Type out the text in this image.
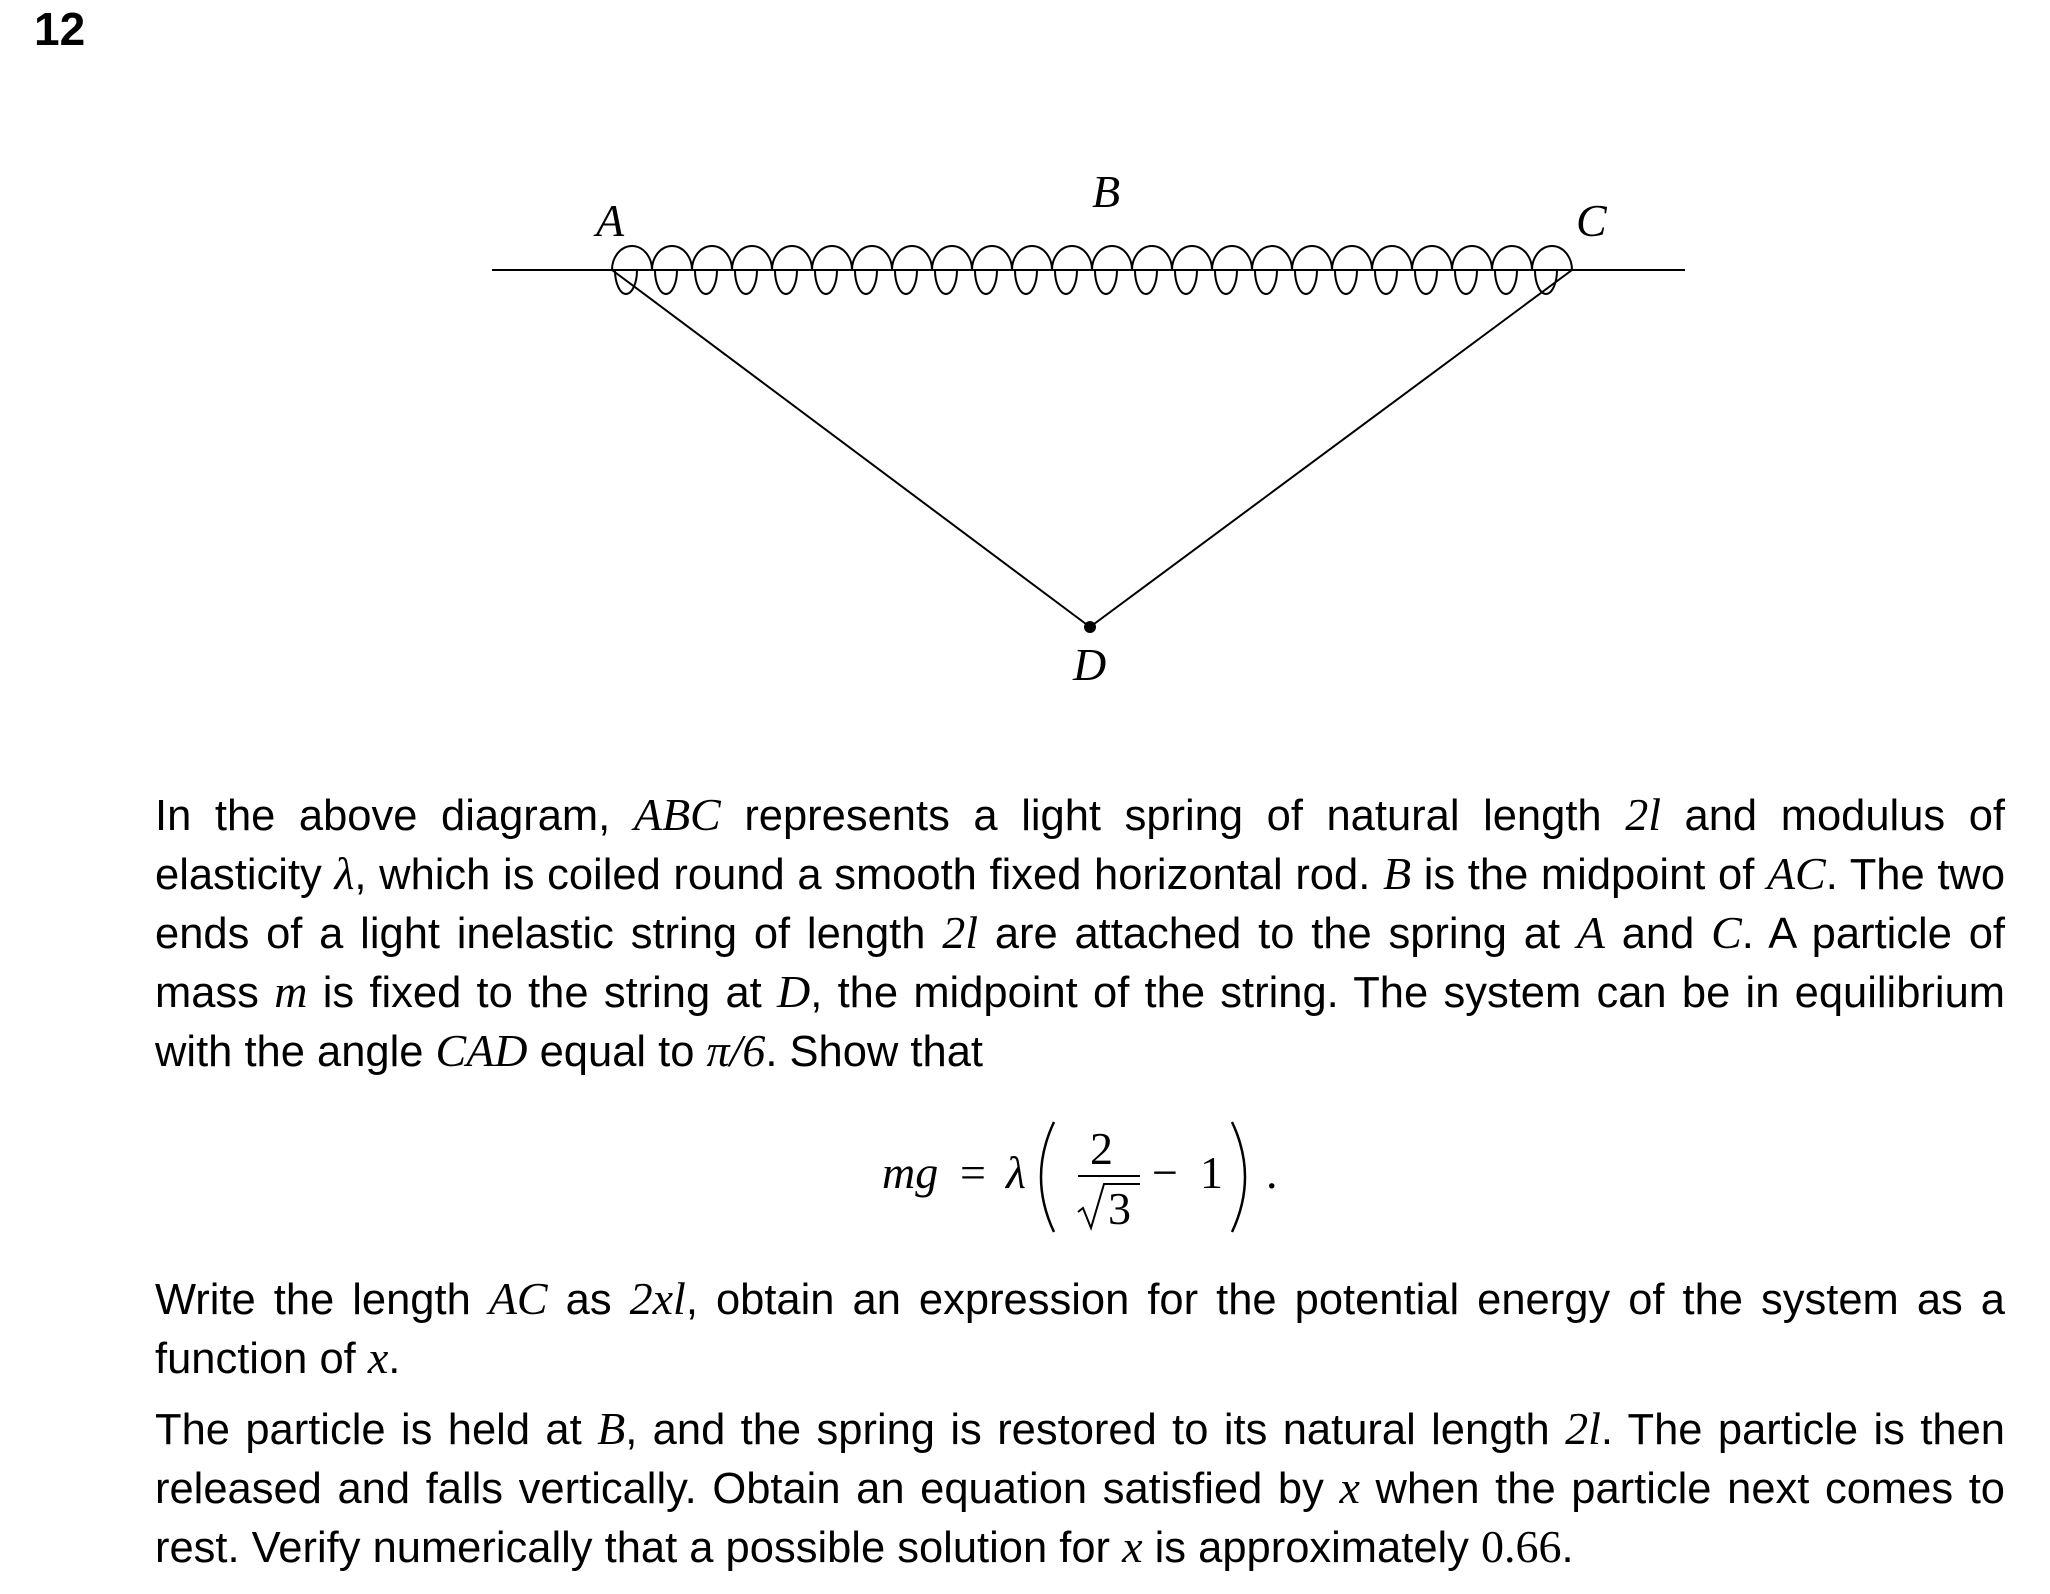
12
A
B
C
D
In the above diagram, ABC represents a light spring of natural length 2l and modulus of elasticity λ, which is coiled round a smooth fixed horizontal rod. B is the midpoint of AC. The two ends of a light inelastic string of length 2l are attached to the spring at A and C. A particle of mass m is fixed to the string at D, the midpoint of the string. The system can be in equilibrium with the angle CAD equal to π/6. Show that
mg = λ 2
3
− 1 .
Write the length AC as 2xl, obtain an expression for the potential energy of the system as a function of x.
The particle is held at B, and the spring is restored to its natural length 2l. The particle is then released and falls vertically. Obtain an equation satisfied by x when the particle next comes to rest. Verify numerically that a possible solution for x is approximately 0.66.
